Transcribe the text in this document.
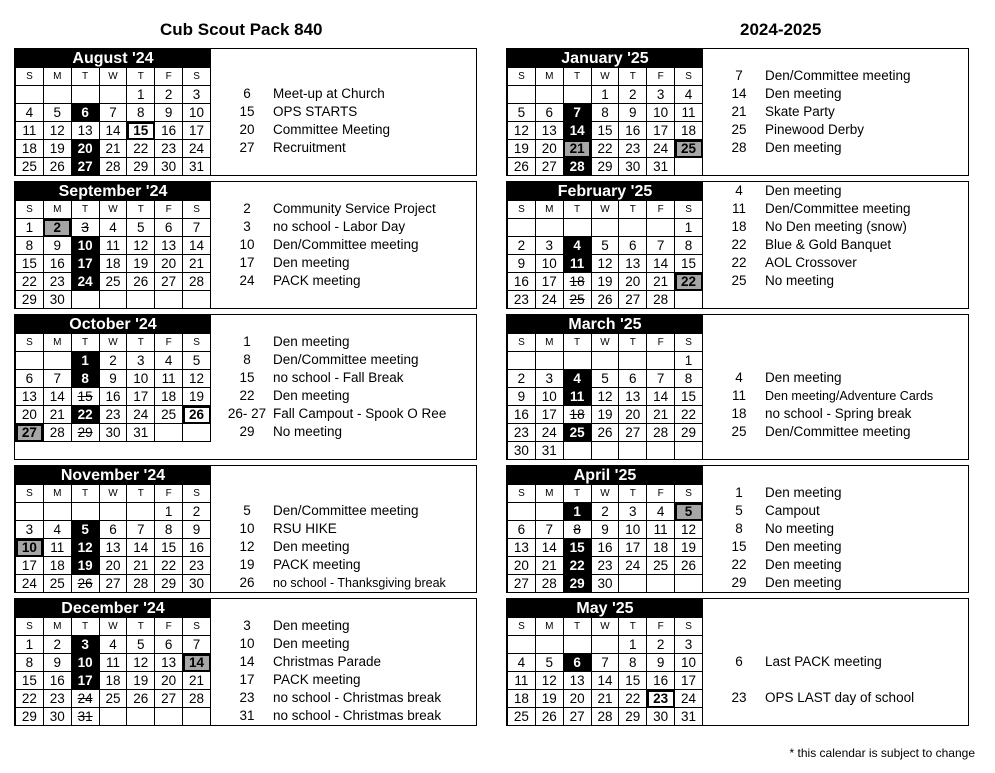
Cub Scout Pack 840	2024-2025
August '24						
S	M	T	W	T	F	S
				1	2	3
4	5	6	7	8	9	10
11	12	13	14	15	16	17
18	19	20	21	22	23	24
25	26	27	28	29	30	31
6	Meet-up at Church
15	OPS STARTS
20	Committee Meeting
27	Recruitment
September '24						
S	M	T	W	T	F	S
1	2	3	4	5	6	7
8	9	10	11	12	13	14
15	16	17	18	19	20	21
22	23	24	25	26	27	28
29	30					
2	Community Service Project
3	no school - Labor Day
10	Den/Committee meeting
17	Den meeting
24	PACK meeting
October '24						
S	M	T	W	T	F	S
		1	2	3	4	5
6	7	8	9	10	11	12
13	14	15	16	17	18	19
20	21	22	23	24	25	26
27	28	29	30	31		
1	Den meeting
8	Den/Committee meeting
15	no school - Fall Break
22	Den meeting
26- 27 Fall Campout - Spook O Ree
29	No meeting
November '24						
S	M	T	W	T	F	S
					1	2
3	4	5	6	7	8	9
10	11	12	13	14	15	16
17	18	19	20	21	22	23
24	25	26	27	28	29	30
5	Den/Committee meeting
10	RSU HIKE
12	Den meeting
19	PACK meeting
26	no school - Thanksgiving break
December '24						
S	M	T	W	T	F	S
1	2	3	4	5	6	7
8	9	10	11	12	13	14
15	16	17	18	19	20	21
22	23	24	25	26	27	28
29	30	31				
3	Den meeting
10	Den meeting
14	Christmas Parade
17	PACK meeting
23	no school - Christmas break
31	no school - Christmas break
January '25						
S	M	T	W	T	F	S
			1	2	3	4
5	6	7	8	9	10	11
12	13	14	15	16	17	18
19	20	21	22	23	24	25
26	27	28	29	30	31	
7	Den/Committee meeting
14	Den meeting
21	Skate Party
25	Pinewood Derby
28	Den meeting
February '25						
S	M	T	W	T	F	S
						1
2	3	4	5	6	7	8
9	10	11	12	13	14	15
16	17	18	19	20	21	22
23	24	25	26	27	28	
4	Den meeting
11	Den/Committee meeting
18	No Den meeting (snow)
22	Blue & Gold Banquet
22	AOL Crossover
25	No meeting
March '25						
S	M	T	W	T	F	S
						1
2	3	4	5	6	7	8
9	10	11	12	13	14	15
16	17	18	19	20	21	22
23	24	25	26	27	28	29
30	31					
4	Den meeting
11	Den meeting/Adventure Cards
18	no school - Spring break
25	Den/Committee meeting
April '25						
S	M	T	W	T	F	S
		1	2	3	4	5
6	7	8	9	10	11	12
13	14	15	16	17	18	19
20	21	22	23	24	25	26
27	28	29	30			
1	Den meeting
5	Campout
8	No meeting
15	Den meeting
22	Den meeting
29	Den meeting
May '25						
S	M	T	W	T	F	S
				1	2	3
4	5	6	7	8	9	10
11	12	13	14	15	16	17
18	19	20	21	22	23	24
25	26	27	28	29	30	31
6	Last PACK meeting
23	OPS LAST day of school
* this calendar is subject to change
